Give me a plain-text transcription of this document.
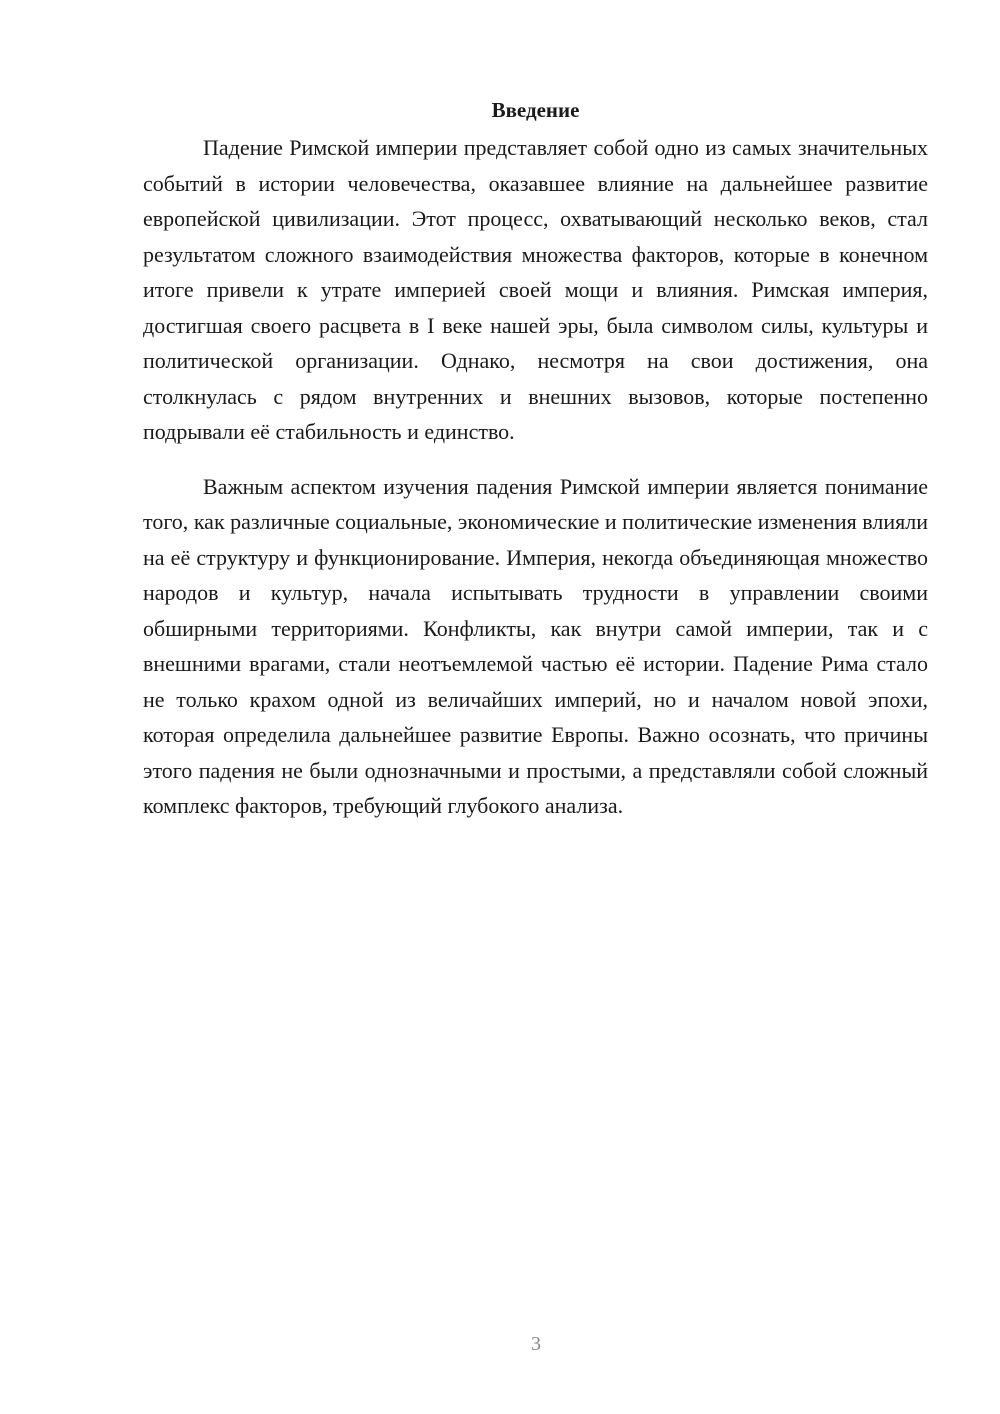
Введение

Падение Римской империи представляет собой одно из самых значительных событий в истории человечества, оказавшее влияние на дальнейшее развитие европейской цивилизации. Этот процесс, охватывающий несколько веков, стал результатом сложного взаимодействия множества факторов, которые в конечном итоге привели к утрате империей своей мощи и влияния. Римская империя, достигшая своего расцвета в I веке нашей эры, была символом силы, культуры и политической организации. Однако, несмотря на свои достижения, она столкнулась с рядом внутренних и внешних вызовов, которые постепенно подрывали её стабильность и единство.

Важным аспектом изучения падения Римской империи является понимание того, как различные социальные, экономические и политические изменения влияли на её структуру и функционирование. Империя, некогда объединяющая множество народов и культур, начала испытывать трудности в управлении своими обширными территориями. Конфликты, как внутри самой империи, так и с внешними врагами, стали неотъемлемой частью её истории. Падение Рима стало не только крахом одной из величайших империй, но и началом новой эпохи, которая определила дальнейшее развитие Европы. Важно осознать, что причины этого падения не были однозначными и простыми, а представляли собой сложный комплекс факторов, требующий глубокого анализа.

3
